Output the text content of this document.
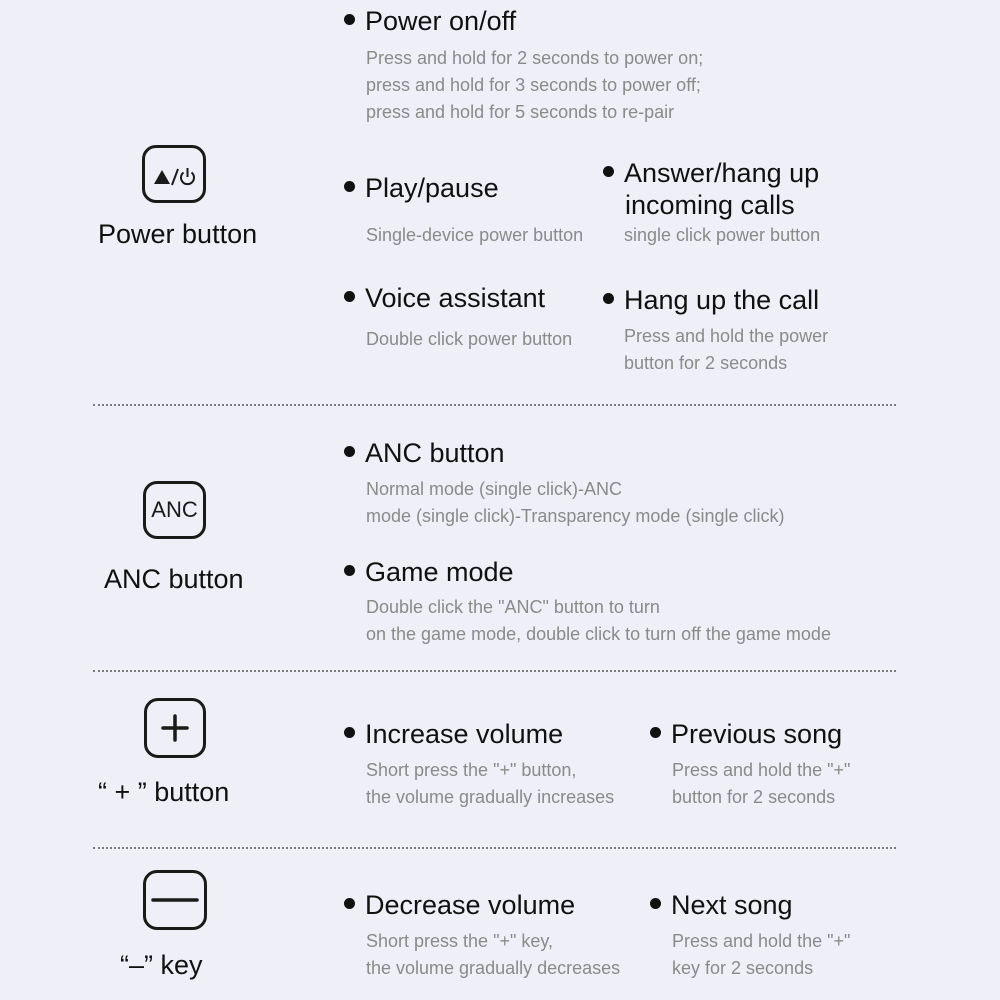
Power button
Power on/off
Press and hold for 2 seconds to power on;
press and hold for 3 seconds to power off;
press and hold for 5 seconds to re-pair
Play/pause
Single-device power button
Answer/hang up
incoming calls
single click power button
Voice assistant
Double click power button
Hang up the call
Press and hold the power
button for 2 seconds
ANC
ANC button
ANC button
Normal mode (single click)-ANC
mode (single click)-Transparency mode (single click)
Game mode
Double click the "ANC" button to turn
on the game mode, double click to turn off the game mode
“ + ” button
Increase volume
Short press the "+" button,
the volume gradually increases
Previous song
Press and hold the "+"
button for 2 seconds
“–” key
Decrease volume
Short press the "+" key,
the volume gradually decreases
Next song
Press and hold the "+"
key for 2 seconds
